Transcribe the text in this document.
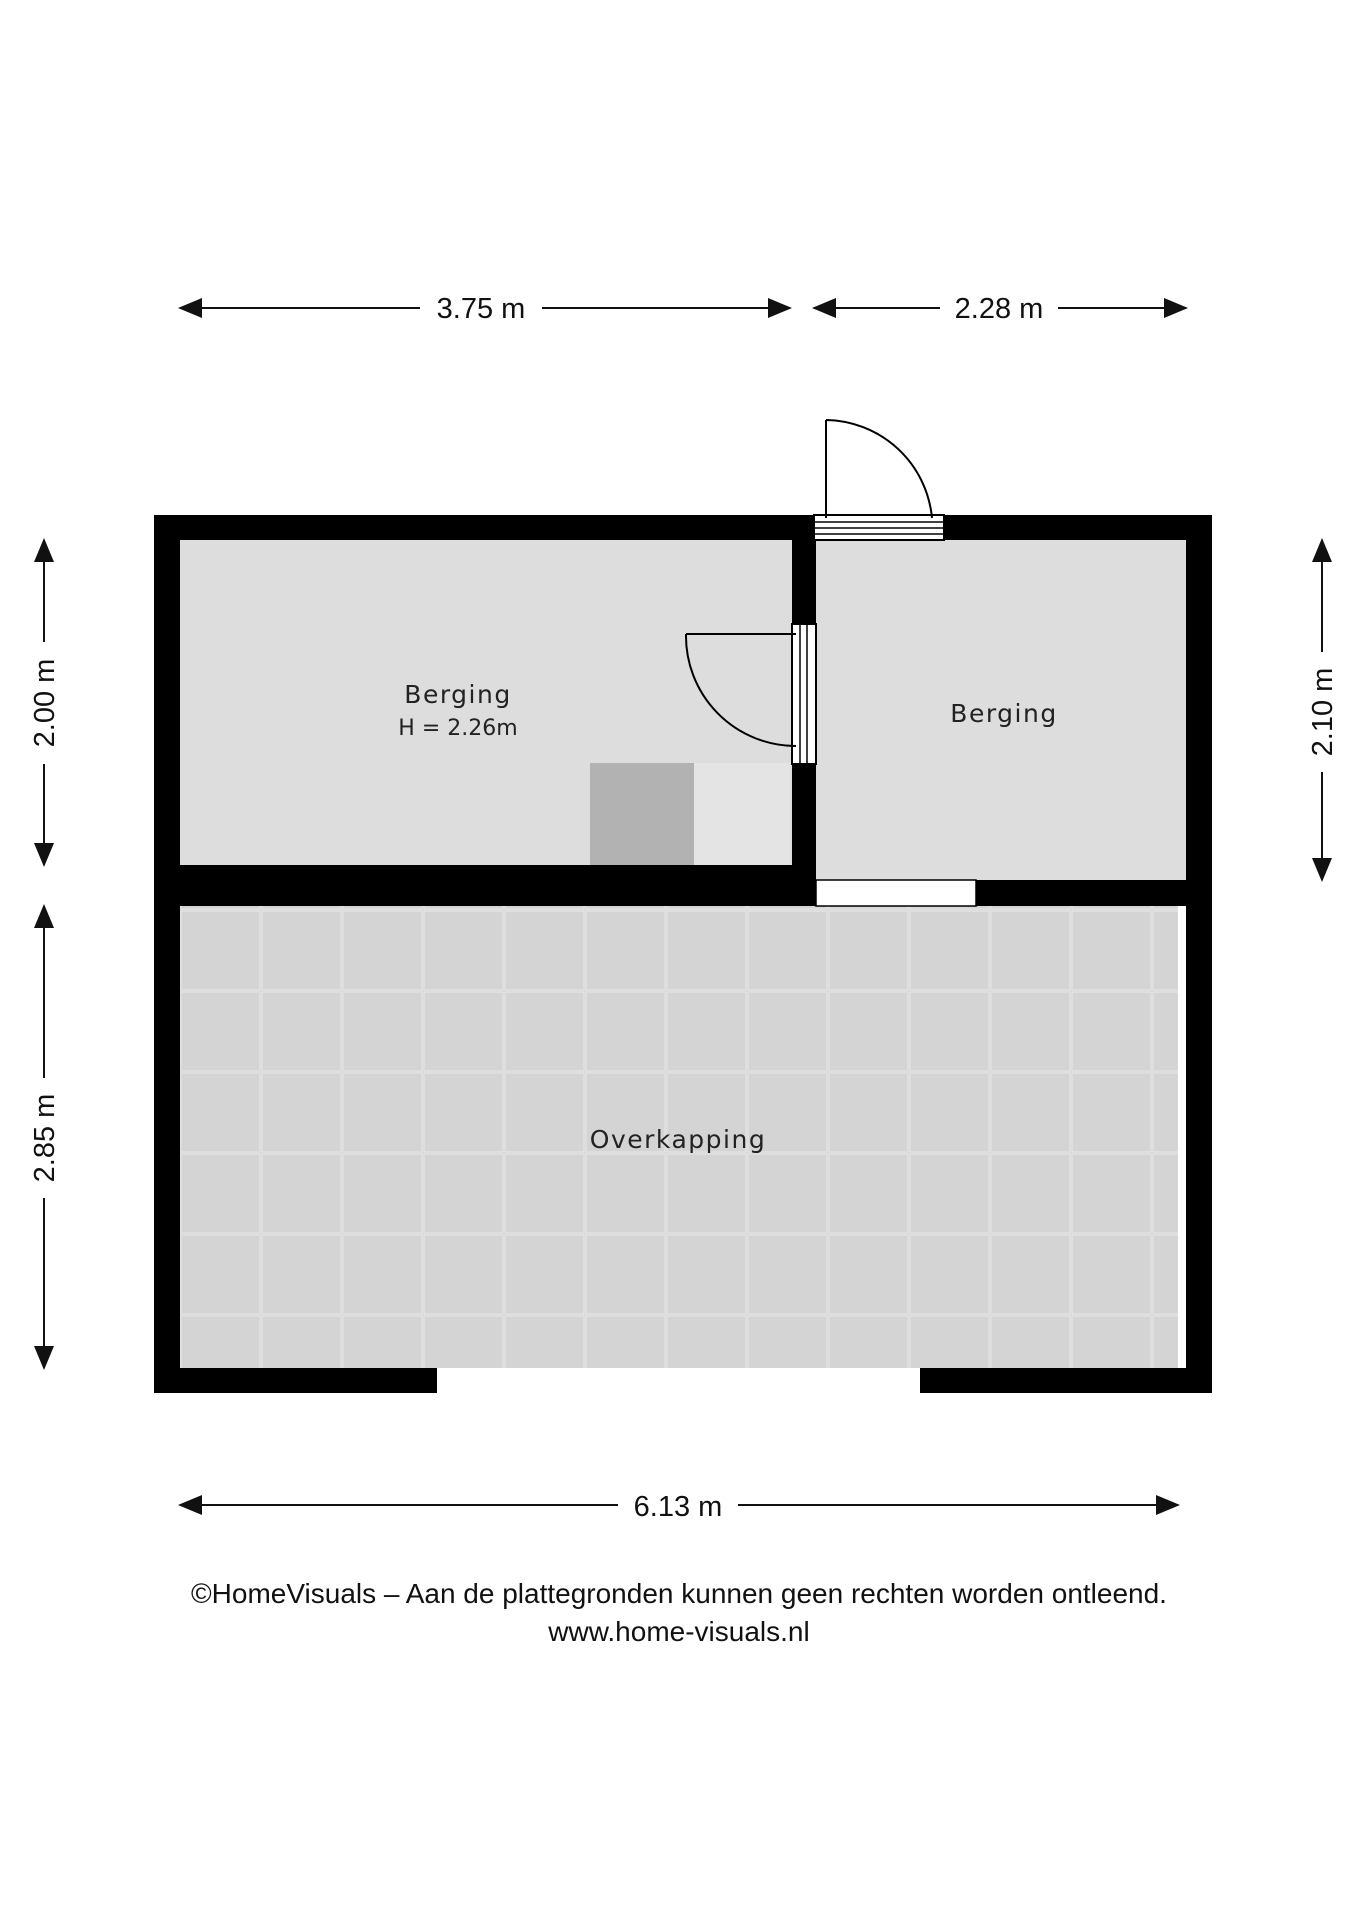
Berging
H = 2.26m
Berging
Overkapping
3.75 m	2.28 m
2.00 m
2.85 m
2.10 m
6.13 m
©HomeVisuals – Aan de plattegronden kunnen geen rechten worden ontleend.
www.home-visuals.nl
